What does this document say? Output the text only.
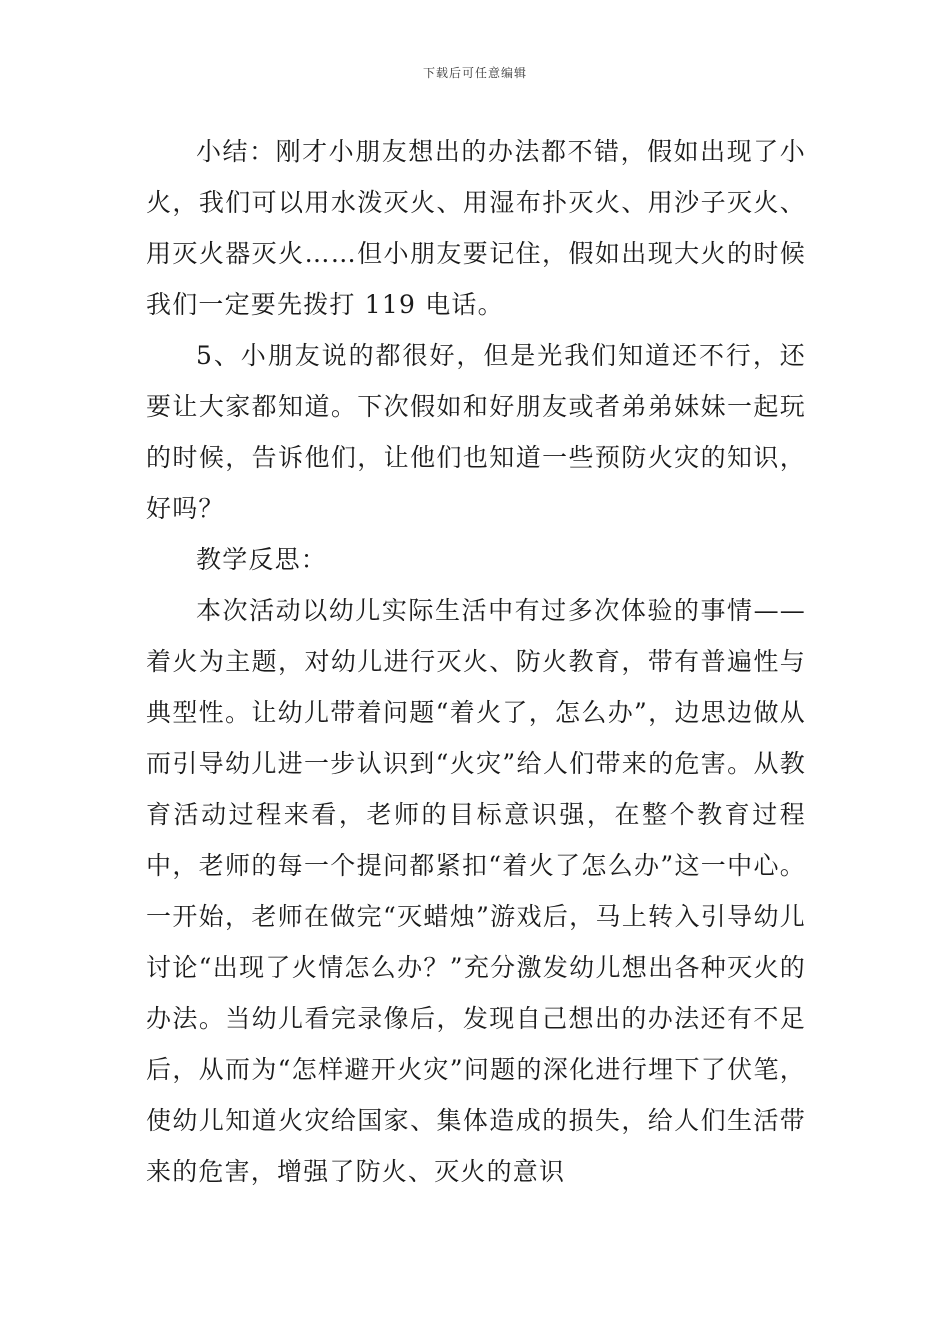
下载后可任意编辑

小结：刚才小朋友想出的办法都不错，假如出现了小火，我们可以用水泼灭火、用湿布扑灭火、用沙子灭火、用灭火器灭火……但小朋友要记住，假如出现大火的时候我们一定要先拨打 119 电话。

5、小朋友说的都很好，但是光我们知道还不行，还要让大家都知道。下次假如和好朋友或者弟弟妹妹一起玩的时候，告诉他们，让他们也知道一些预防火灾的知识，好吗？

教学反思：

本次活动以幼儿实际生活中有过多次体验的事情——着火为主题，对幼儿进行灭火、防火教育，带有普遍性与典型性。让幼儿带着问题“着火了，怎么办”，边思边做从而引导幼儿进一步认识到“火灾”给人们带来的危害。从教育活动过程来看，老师的目标意识强，在整个教育过程中，老师的每一个提问都紧扣“着火了怎么办”这一中心。一开始，老师在做完“灭蜡烛”游戏后，马上转入引导幼儿讨论“出现了火情怎么办？”充分激发幼儿想出各种灭火的办法。当幼儿看完录像后，发现自己想出的办法还有不足后，从而为“怎样避开火灾”问题的深化进行埋下了伏笔，使幼儿知道火灾给国家、集体造成的损失，给人们生活带来的危害，增强了防火、灭火的意识
